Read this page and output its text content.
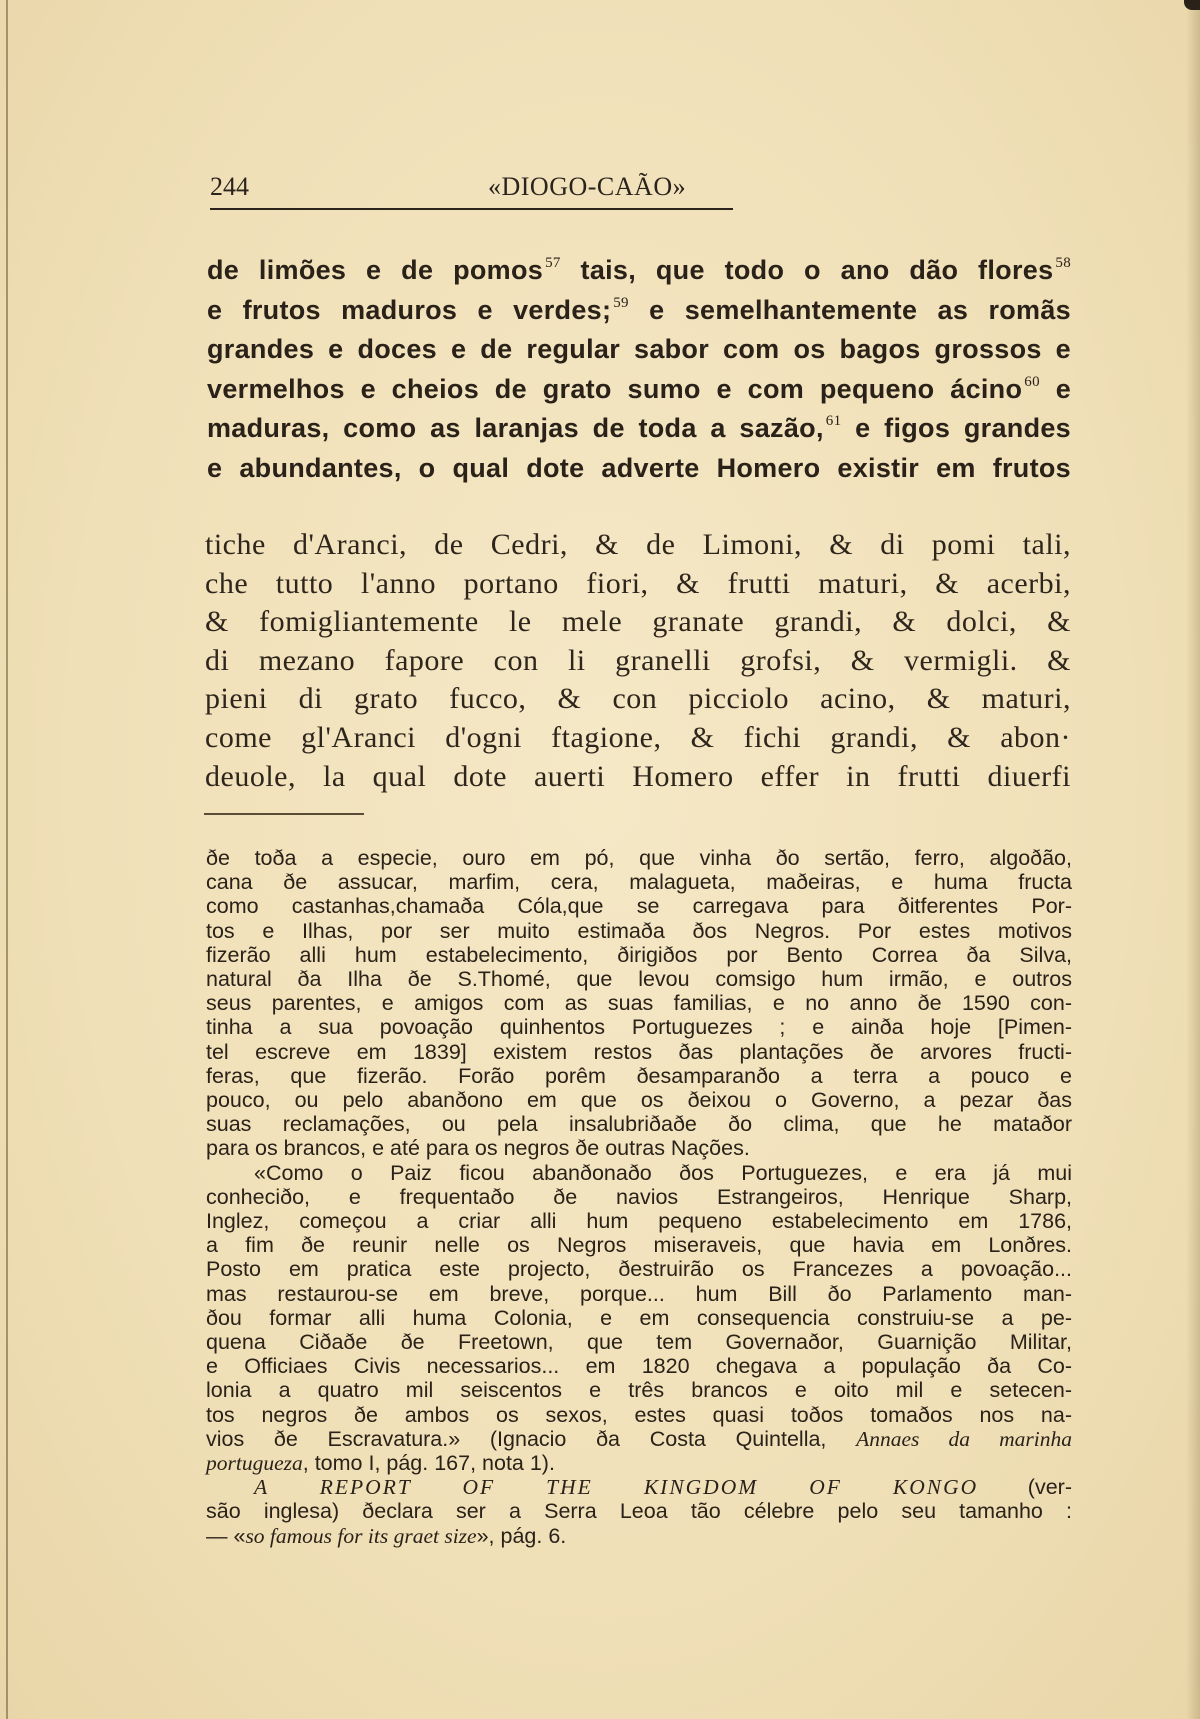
244	«DIOGO-CAÃO»
de limões e de pomos $^{57}$ tais, que todo o ano dão flores $^{58}$
e frutos maduros e verdes; $^{59}$ e semelhantemente as romãs
grandes e doces e de regular sabor com os bagos grossos e
vermelhos e cheios de grato sumo e com pequeno ácino $^{60}$ e
maduras, como as laranjas de toda a sazão, $^{61}$ e figos grandes
e abundantes, o qual dote adverte Homero existir em frutos
tiche d'Aranci, de Cedri, & de Limoni, & di pomi tali,
che tutto l'anno portano fiori, & frutti maturi, & acerbi,
& fomigliantemente le mele granate grandi, & dolci, &
di mezano fapore con li granelli grofsi, & vermigli. &
pieni di grato fucco, & con picciolo acino, & maturi,
come gl'Aranci d'ogni ftagione, & fichi grandi, & abon·
deuole, la qual dote auerti Homero effer in frutti diuerfi
ðe toða a especie, ouro em pó, que vinha ðo sertão, ferro, algoðão,
cana ðe assucar, marfim, cera, malagueta, maðeiras, e huma fructa
como castanhas,chamaða Cóla,que se carregava para ðitferentes Por-
tos e Ilhas, por ser muito estimaða ðos Negros. Por estes motivos
fizerão alli hum estabelecimento, ðirigiðos por Bento Correa ða Silva,
natural ða Ilha ðe S.Thomé, que levou comsigo hum irmão, e outros
seus parentes, e amigos com as suas familias, e no anno ðe 1590 con-
tinha a sua povoação quinhentos Portuguezes ; e ainða hoje [Pimen-
tel escreve em 1839] existem restos ðas plantações ðe arvores fructi-
feras, que fizerão. Forão porêm ðesamparanðo a terra a pouco e
pouco, ou pelo abanðono em que os ðeixou o Governo, a pezar ðas
suas reclamações, ou pela insalubriðaðe ðo clima, que he mataðor
para os brancos, e até para os negros ðe outras Nações.
«Como o Paiz ficou abanðonaðo ðos Portuguezes, e era já mui
conheciðo, e frequentaðo ðe navios Estrangeiros, Henrique Sharp,
Inglez, começou a criar alli hum pequeno estabelecimento em 1786,
a fim ðe reunir nelle os Negros miseraveis, que havia em Lonðres.
Posto em pratica este projecto, ðestruirão os Francezes a povoação...
mas restaurou-se em breve, porque... hum Bill ðo Parlamento man-
ðou formar alli huma Colonia, e em consequencia construiu-se a pe-
quena Ciðaðe ðe Freetown, que tem Governaðor, Guarnição Militar,
e Officiaes Civis necessarios... em 1820 chegava a população ða Co-
lonia a quatro mil seiscentos e três brancos e oito mil e setecen-
tos negros ðe ambos os sexos, estes quasi toðos tomaðos nos na-
vios ðe Escravatura.» (Ignacio ða Costa Quintella, Annaes da marinha
portugueza, tomo I, pág. 167, nota 1).
A REPORT OF THE KINGDOM OF KONGO (ver-
são inglesa) ðeclara ser a Serra Leoa tão célebre pelo seu tamanho :
— «so famous for its graet size», pág. 6.
